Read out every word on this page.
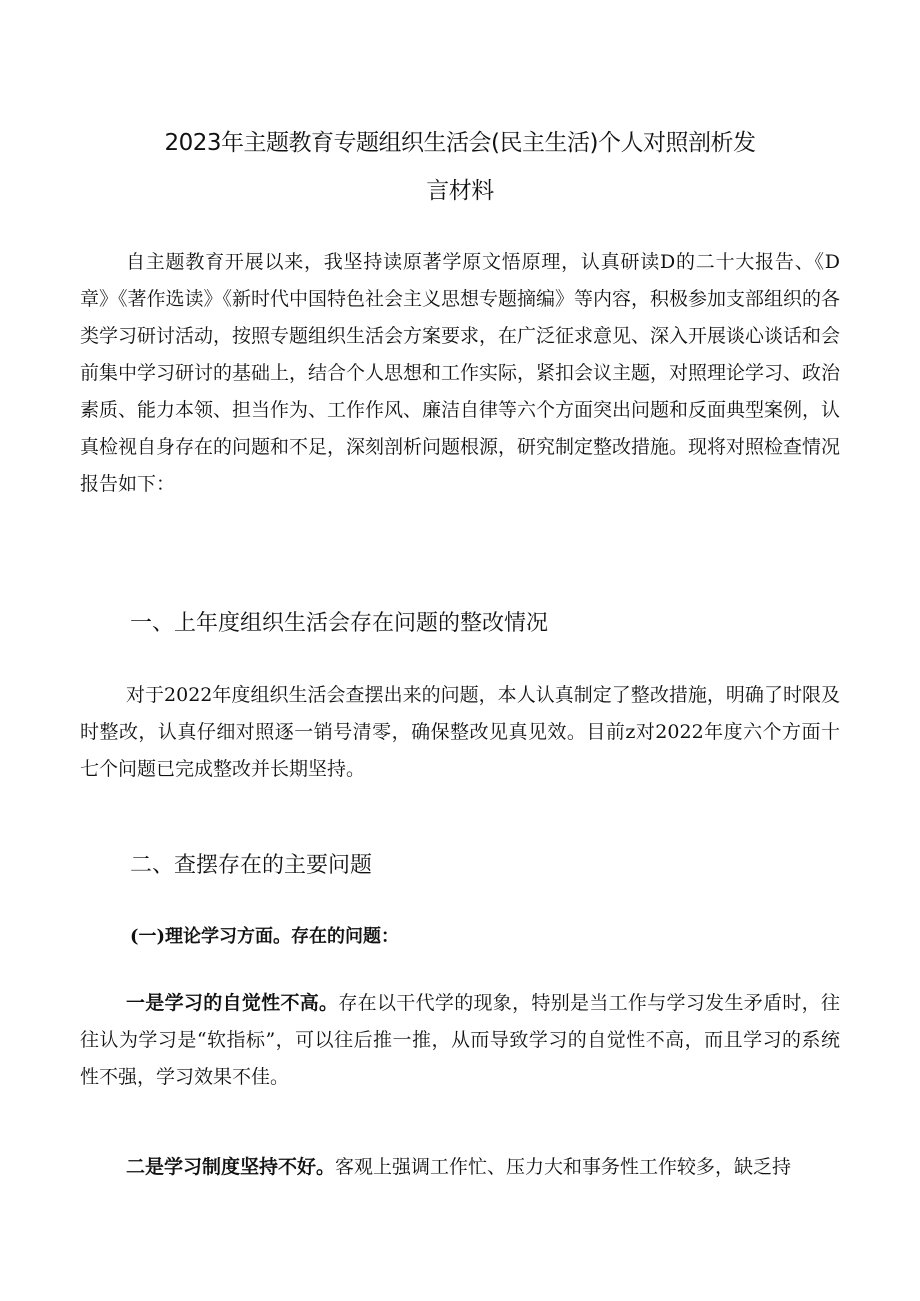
2023年主题教育专题组织生活会(民主生活)个人对照剖析发
言材料
自主题教育开展以来，我坚持读原著学原文悟原理，认真研读D的二十大报告、《D章》《著作选读》《新时代中国特色社会主义思想专题摘编》等内容，积极参加支部组织的各类学习研讨活动，按照专题组织生活会方案要求，在广泛征求意见、深入开展谈心谈话和会前集中学习研讨的基础上，结合个人思想和工作实际，紧扣会议主题，对照理论学习、政治素质、能力本领、担当作为、工作作风、廉洁自律等六个方面突出问题和反面典型案例，认真检视自身存在的问题和不足，深刻剖析问题根源，研究制定整改措施。现将对照检查情况报告如下：
一、上年度组织生活会存在问题的整改情况
对于2022年度组织生活会查摆出来的问题，本人认真制定了整改措施，明确了时限及时整改，认真仔细对照逐一销号清零，确保整改见真见效。目前z对2022年度六个方面十七个问题已完成整改并长期坚持。
二、查摆存在的主要问题
(一)理论学习方面。存在的问题：
一是学习的自觉性不高。存在以干代学的现象，特别是当工作与学习发生矛盾时，往往认为学习是“软指标”，可以往后推一推，从而导致学习的自觉性不高，而且学习的系统性不强，学习效果不佳。
二是学习制度坚持不好。客观上强调工作忙、压力大和事务性工作较多，缺乏持
